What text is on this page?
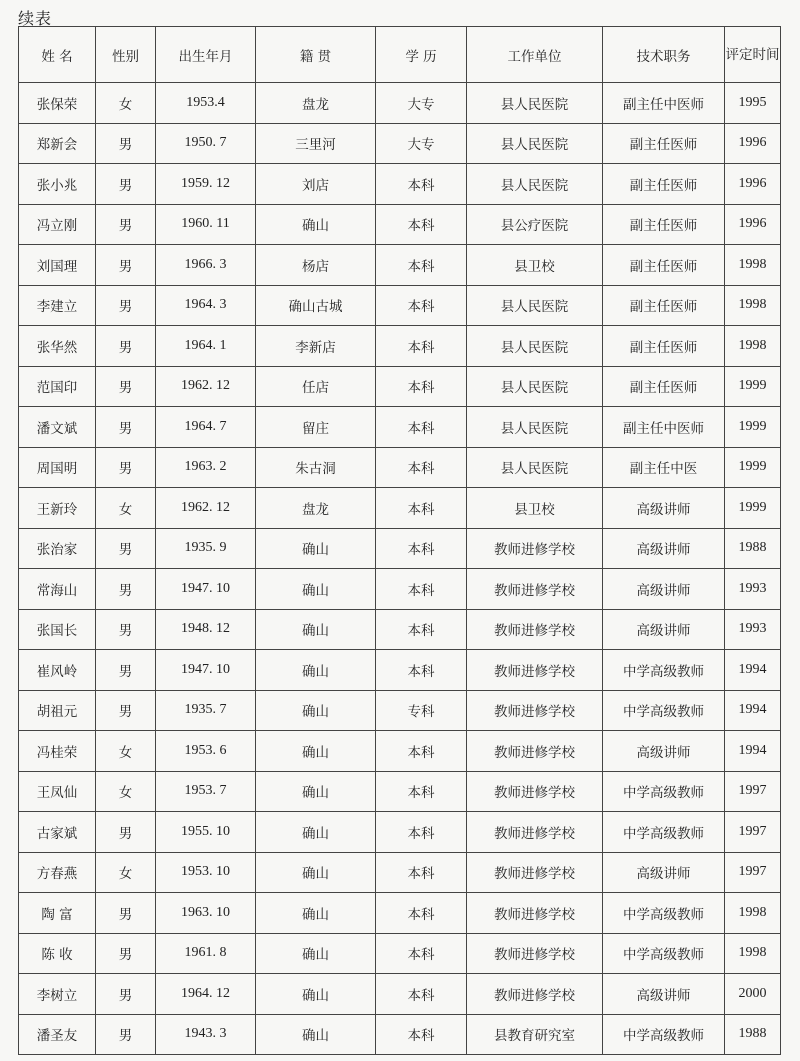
续表
姓 名	性别	出生年月	籍 贯	学 历	工作单位	技术职务	评定时间
张保荣	女	1953.4	盘龙	大专	县人民医院	副主任中医师	1995
郑新会	男	1950. 7	三里河	大专	县人民医院	副主任医师	1996
张小兆	男	1959. 12	刘店	本科	县人民医院	副主任医师	1996
冯立刚	男	1960. 11	确山	本科	县公疗医院	副主任医师	1996
刘国理	男	1966. 3	杨店	本科	县卫校	副主任医师	1998
李建立	男	1964. 3	确山古城	本科	县人民医院	副主任医师	1998
张华然	男	1964. 1	李新店	本科	县人民医院	副主任医师	1998
范国印	男	1962. 12	任店	本科	县人民医院	副主任医师	1999
潘文斌	男	1964. 7	留庄	本科	县人民医院	副主任中医师	1999
周国明	男	1963. 2	朱古洞	本科	县人民医院	副主任中医	1999
王新玲	女	1962. 12	盘龙	本科	县卫校	高级讲师	1999
张治家	男	1935. 9	确山	本科	教师进修学校	高级讲师	1988
常海山	男	1947. 10	确山	本科	教师进修学校	高级讲师	1993
张国长	男	1948. 12	确山	本科	教师进修学校	高级讲师	1993
崔风岭	男	1947. 10	确山	本科	教师进修学校	中学高级教师	1994
胡祖元	男	1935. 7	确山	专科	教师进修学校	中学高级教师	1994
冯桂荣	女	1953. 6	确山	本科	教师进修学校	高级讲师	1994
王凤仙	女	1953. 7	确山	本科	教师进修学校	中学高级教师	1997
古家斌	男	1955. 10	确山	本科	教师进修学校	中学高级教师	1997
方春燕	女	1953. 10	确山	本科	教师进修学校	高级讲师	1997
陶 富	男	1963. 10	确山	本科	教师进修学校	中学高级教师	1998
陈 收	男	1961. 8	确山	本科	教师进修学校	中学高级教师	1998
李树立	男	1964. 12	确山	本科	教师进修学校	高级讲师	2000
潘圣友	男	1943. 3	确山	本科	县教育研究室	中学高级教师	1988
